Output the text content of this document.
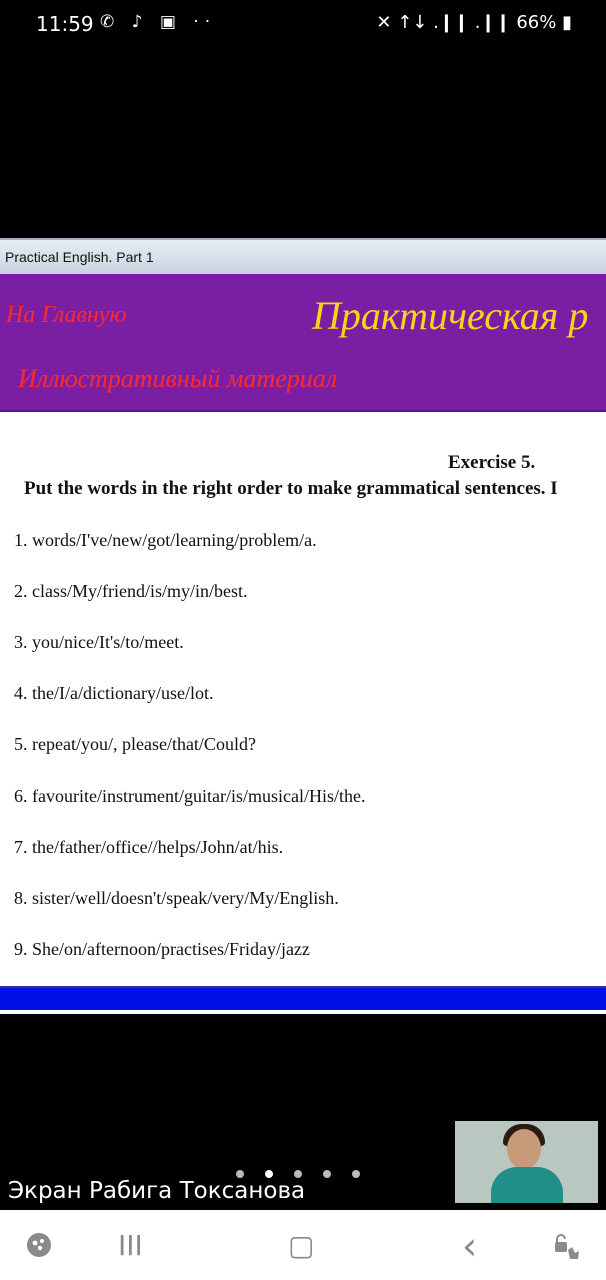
11:59 ✆ ♪ ▣ ··	✕ ↑↓ .❙❙ .❙❙ 66% ▮
Practical English. Part 1
На Главную
Иллюстративный материал
Практическая р
Exercise 5.
Put the words in the right order to make grammatical sentences. I
1. words/I've/new/got/learning/problem/a.
2. class/My/friend/is/my/in/best.
3. you/nice/It's/to/meet.
4. the/I/a/dictionary/use/lot.
5. repeat/you/, please/that/Could?
6. favourite/instrument/guitar/is/musical/His/the.
7. the/father/office//helps/John/at/his.
8. sister/well/doesn't/speak/very/My/English.
9. She/on/afternoon/practises/Friday/jazz
Экран Рабига Токсанова
III	▢	‹
